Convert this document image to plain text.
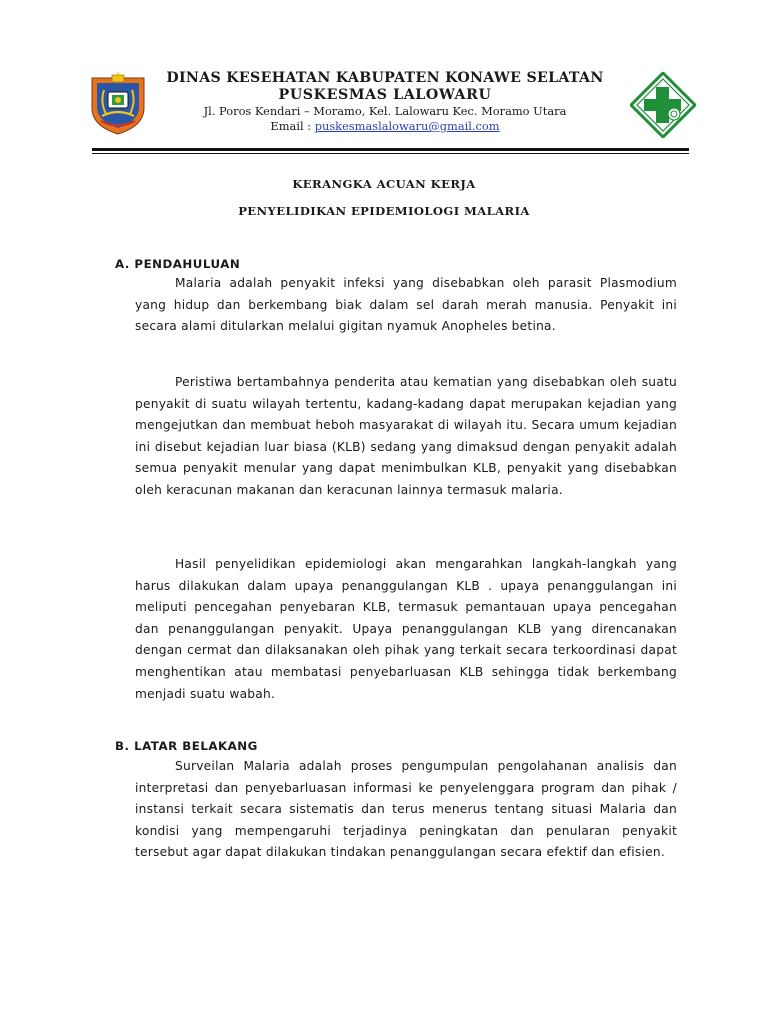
DINAS KESEHATAN KABUPATEN KONAWE SELATAN
PUSKESMAS LALOWARU
Jl. Poros Kendari – Moramo, Kel. Lalowaru Kec. Moramo Utara
Email : puskesmaslalowaru@gmail.com
KERANGKA ACUAN KERJA
PENYELIDIKAN EPIDEMIOLOGI MALARIA
A. PENDAHULUAN

Malaria adalah penyakit infeksi yang disebabkan oleh parasit Plasmodium yang hidup dan berkembang biak dalam sel darah merah manusia. Penyakit ini secara alami ditularkan melalui gigitan nyamuk Anopheles betina.

Peristiwa bertambahnya penderita atau kematian yang disebabkan oleh suatu penyakit di suatu wilayah tertentu, kadang-kadang dapat merupakan kejadian yang mengejutkan dan membuat heboh masyarakat di wilayah itu. Secara umum kejadian ini disebut kejadian luar biasa (KLB) sedang yang dimaksud dengan penyakit adalah semua penyakit menular yang dapat menimbulkan KLB, penyakit yang disebabkan oleh keracunan makanan dan keracunan lainnya termasuk malaria.

Hasil penyelidikan epidemiologi akan mengarahkan langkah-langkah yang harus dilakukan dalam upaya penanggulangan KLB . upaya penanggulangan ini meliputi pencegahan penyebaran KLB, termasuk pemantauan upaya pencegahan dan penanggulangan penyakit. Upaya penanggulangan KLB yang direncanakan dengan cermat dan dilaksanakan oleh pihak yang terkait secara terkoordinasi dapat menghentikan atau membatasi penyebarluasan KLB sehingga tidak berkembang menjadi suatu wabah.

B. LATAR BELAKANG

Surveilan Malaria adalah proses pengumpulan pengolahanan analisis dan interpretasi dan penyebarluasan informasi ke penyelenggara program dan pihak / instansi terkait secara sistematis dan terus menerus tentang situasi Malaria dan kondisi yang mempengaruhi terjadinya peningkatan dan penularan penyakit tersebut agar dapat dilakukan tindakan penanggulangan secara efektif dan efisien.
